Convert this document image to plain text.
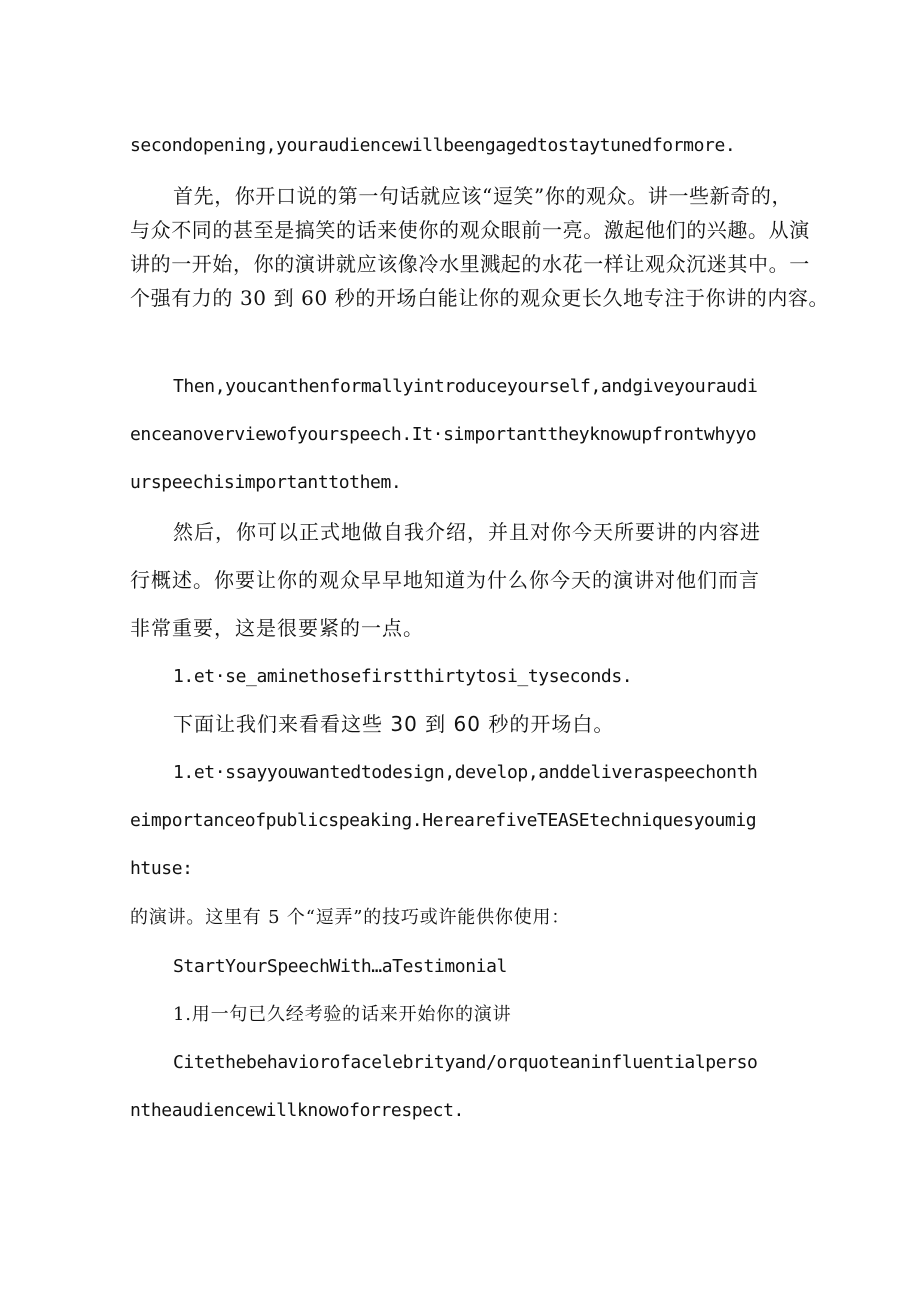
secondopening,youraudiencewillbeengagedtostaytunedformore.
首先，你开口说的第一句话就应该“逗笑”你的观众。讲一些新奇的，
与众不同的甚至是搞笑的话来使你的观众眼前一亮。激起他们的兴趣。从演
讲的一开始，你的演讲就应该像冷水里溅起的水花一样让观众沉迷其中。一
个强有力的 30 到 60 秒的开场白能让你的观众更长久地专注于你讲的内容。
Then,youcanthenformallyintroduceyourself,andgiveyouraudi
enceanoverviewofyourspeech.It·simportanttheyknowupfrontwhyyo
urspeechisimportanttothem.
然后，你可以正式地做自我介绍，并且对你今天所要讲的内容进
行概述。你要让你的观众早早地知道为什么你今天的演讲对他们而言
非常重要，这是很要紧的一点。
1.et·se_aminethosefirstthirtytosi_tyseconds.
下面让我们来看看这些 30 到 60 秒的开场白。
1.et·ssayyouwantedtodesign,develop,anddeliveraspeechonth
eimportanceofpublicspeaking.HerearefiveTEASEtechniquesyoumig
htuse:
的演讲。这里有 5 个“逗弄”的技巧或许能供你使用：
StartYourSpeechWith…aTestimonial
1.用一句已久经考验的话来开始你的演讲
Citethebehaviorofacelebrityand/orquoteaninfluentialperso
ntheaudiencewillknowoforrespect.
